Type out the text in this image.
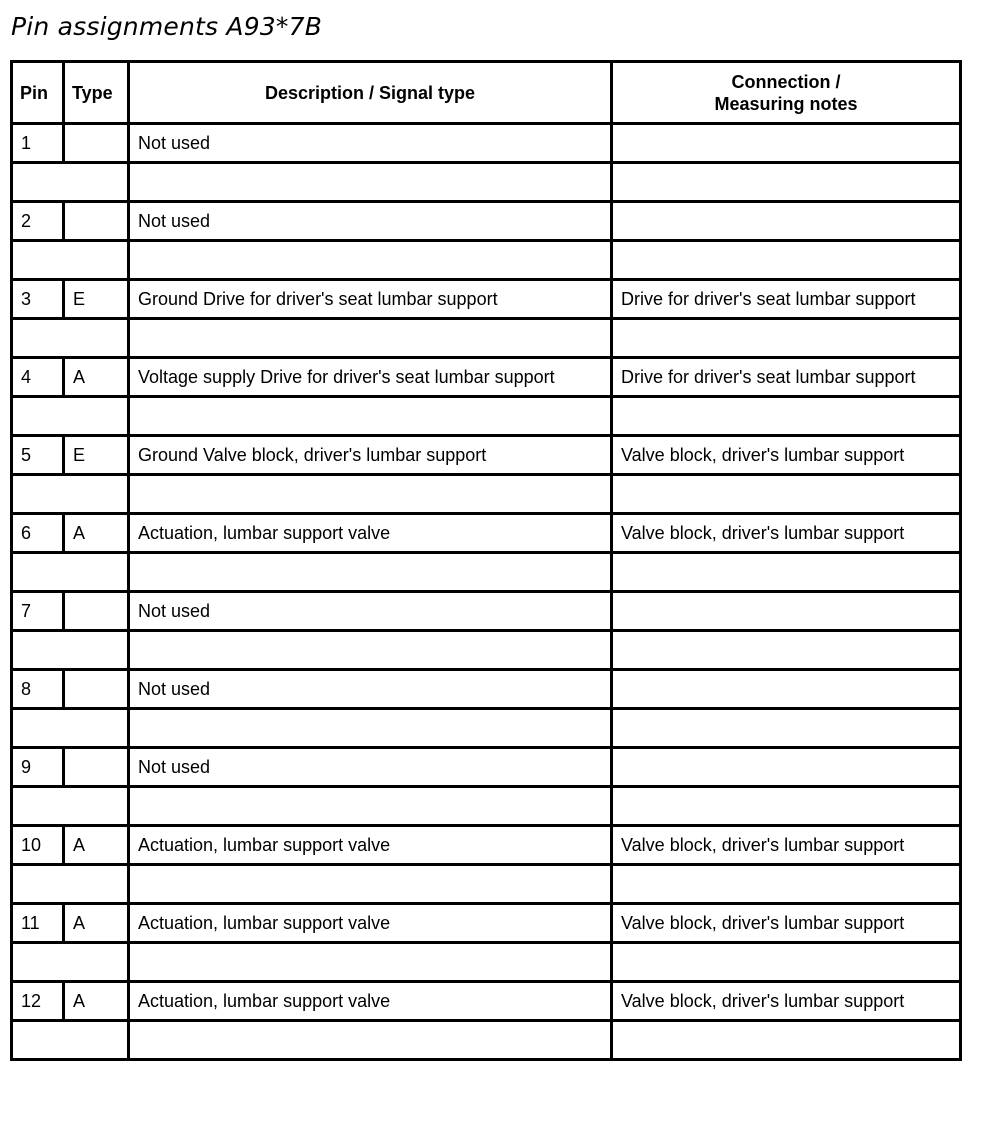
Pin assignments A93*7B
Pin	Type	Description / Signal type	Connection /
Measuring notes

1		Not used	

2		Not used	

3	E	Ground Drive for driver's seat lumbar support	Drive for driver's seat lumbar support

4	A	Voltage supply Drive for driver's seat lumbar support	Drive for driver's seat lumbar support

5	E	Ground Valve block, driver's lumbar support	Valve block, driver's lumbar support

6	A	Actuation, lumbar support valve	Valve block, driver's lumbar support

7		Not used	

8		Not used	

9		Not used	

10	A	Actuation, lumbar support valve	Valve block, driver's lumbar support

11	A	Actuation, lumbar support valve	Valve block, driver's lumbar support

12	A	Actuation, lumbar support valve	Valve block, driver's lumbar support
